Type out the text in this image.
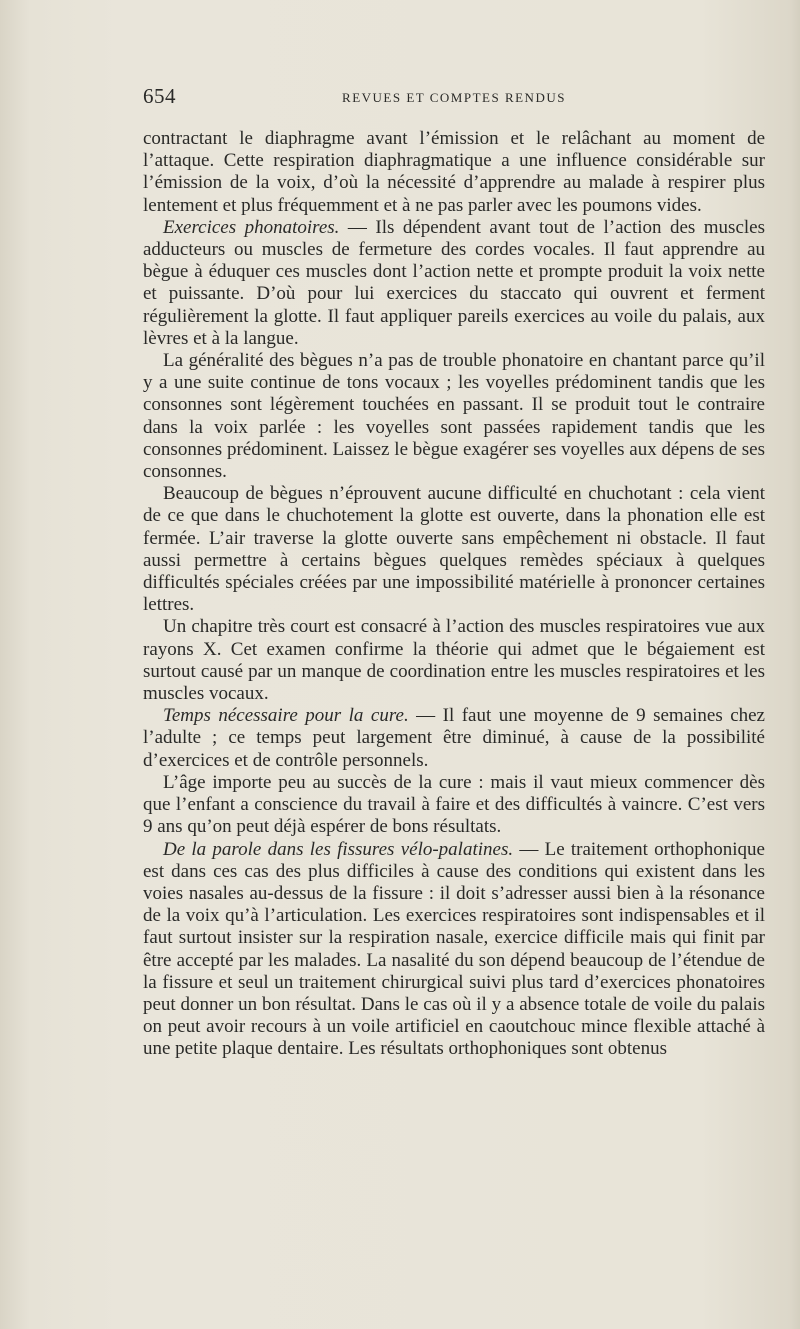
654	REVUES ET COMPTES RENDUS

contractant le diaphragme avant l’émission et le relâchant au moment de l’attaque. Cette respiration diaphragmatique a une influence considérable sur l’émission de la voix, d’où la nécessité d’apprendre au malade à respirer plus lentement et plus fréquemment et à ne pas parler avec les poumons vides.

Exercices phonatoires. — Ils dépendent avant tout de l’action des muscles adducteurs ou muscles de fermeture des cordes vocales. Il faut apprendre au bègue à éduquer ces muscles dont l’action nette et prompte produit la voix nette et puissante. D’où pour lui exercices du staccato qui ouvrent et ferment régulièrement la glotte. Il faut appliquer pareils exercices au voile du palais, aux lèvres et à la langue.

La généralité des bègues n’a pas de trouble phonatoire en chantant parce qu’il y a une suite continue de tons vocaux ; les voyelles prédominent tandis que les consonnes sont légèrement touchées en passant. Il se produit tout le contraire dans la voix parlée : les voyelles sont passées rapidement tandis que les consonnes prédominent. Laissez le bègue exagérer ses voyelles aux dépens de ses consonnes.

Beaucoup de bègues n’éprouvent aucune difficulté en chuchotant : cela vient de ce que dans le chuchotement la glotte est ouverte, dans la phonation elle est fermée. L’air traverse la glotte ouverte sans empêchement ni obstacle. Il faut aussi permettre à certains bègues quelques remèdes spéciaux à quelques difficultés spéciales créées par une impossibilité matérielle à prononcer certaines lettres.

Un chapitre très court est consacré à l’action des muscles respiratoires vue aux rayons X. Cet examen confirme la théorie qui admet que le bégaiement est surtout causé par un manque de coordination entre les muscles respiratoires et les muscles vocaux.

Temps nécessaire pour la cure. — Il faut une moyenne de 9 semaines chez l’adulte ; ce temps peut largement être diminué, à cause de la possibilité d’exercices et de contrôle personnels.

L’âge importe peu au succès de la cure : mais il vaut mieux commencer dès que l’enfant a conscience du travail à faire et des difficultés à vaincre. C’est vers 9 ans qu’on peut déjà espérer de bons résultats.

De la parole dans les fissures vélo-palatines. — Le traitement orthophonique est dans ces cas des plus difficiles à cause des conditions qui existent dans les voies nasales au-dessus de la fissure : il doit s’adresser aussi bien à la résonance de la voix qu’à l’articulation. Les exercices respiratoires sont indispensables et il faut surtout insister sur la respiration nasale, exercice difficile mais qui finit par être accepté par les malades. La nasalité du son dépend beaucoup de l’étendue de la fissure et seul un traitement chirurgical suivi plus tard d’exercices phonatoires peut donner un bon résultat. Dans le cas où il y a absence totale de voile du palais on peut avoir recours à un voile artificiel en caoutchouc mince flexible attaché à une petite plaque dentaire. Les résultats orthophoniques sont obtenus
